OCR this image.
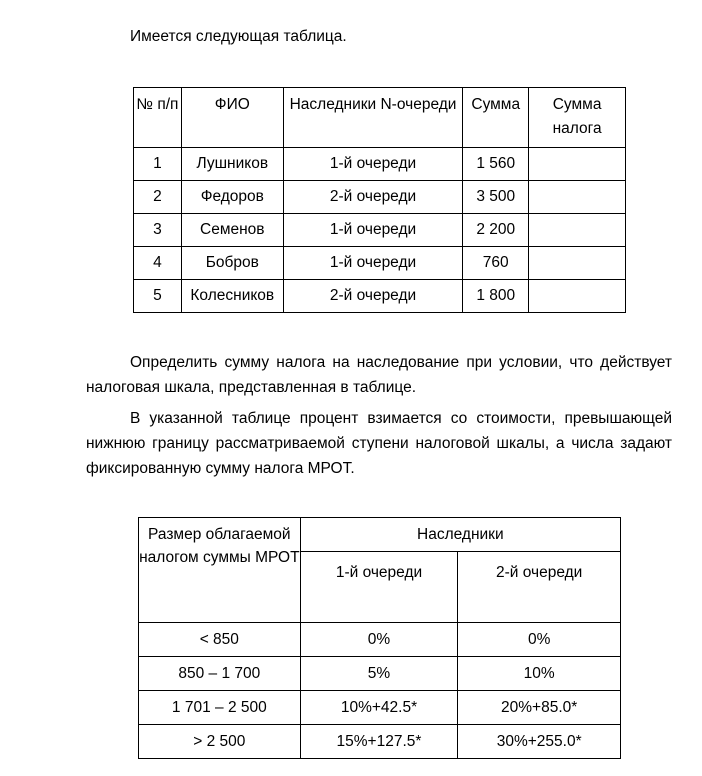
Имеется следующая таблица.

№ п/п	ФИО	Наследники N-очереди	Сумма	Сумма налога
1	Лушников	1-й очереди	1 560	
2	Федоров	2-й очереди	3 500	
3	Семенов	1-й очереди	2 200	
4	Бобров	1-й очереди	760	
5	Колесников	2-й очереди	1 800	

Определить сумму налога на наследование при условии, что действует налоговая шкала, представленная в таблице.

В указанной таблице процент взимается со стоимости, превышающей нижнюю границу рассматриваемой ступени налоговой шкалы, а числа задают фиксированную сумму налога МРОТ.

Размер облагаемой налогом суммы МРОТ	Наследники	
	1-й очереди	2-й очереди
< 850	0%	0%
850 – 1 700	5%	10%
1 701 – 2 500	10%+42.5*	20%+85.0*
> 2 500	15%+127.5*	30%+255.0*
